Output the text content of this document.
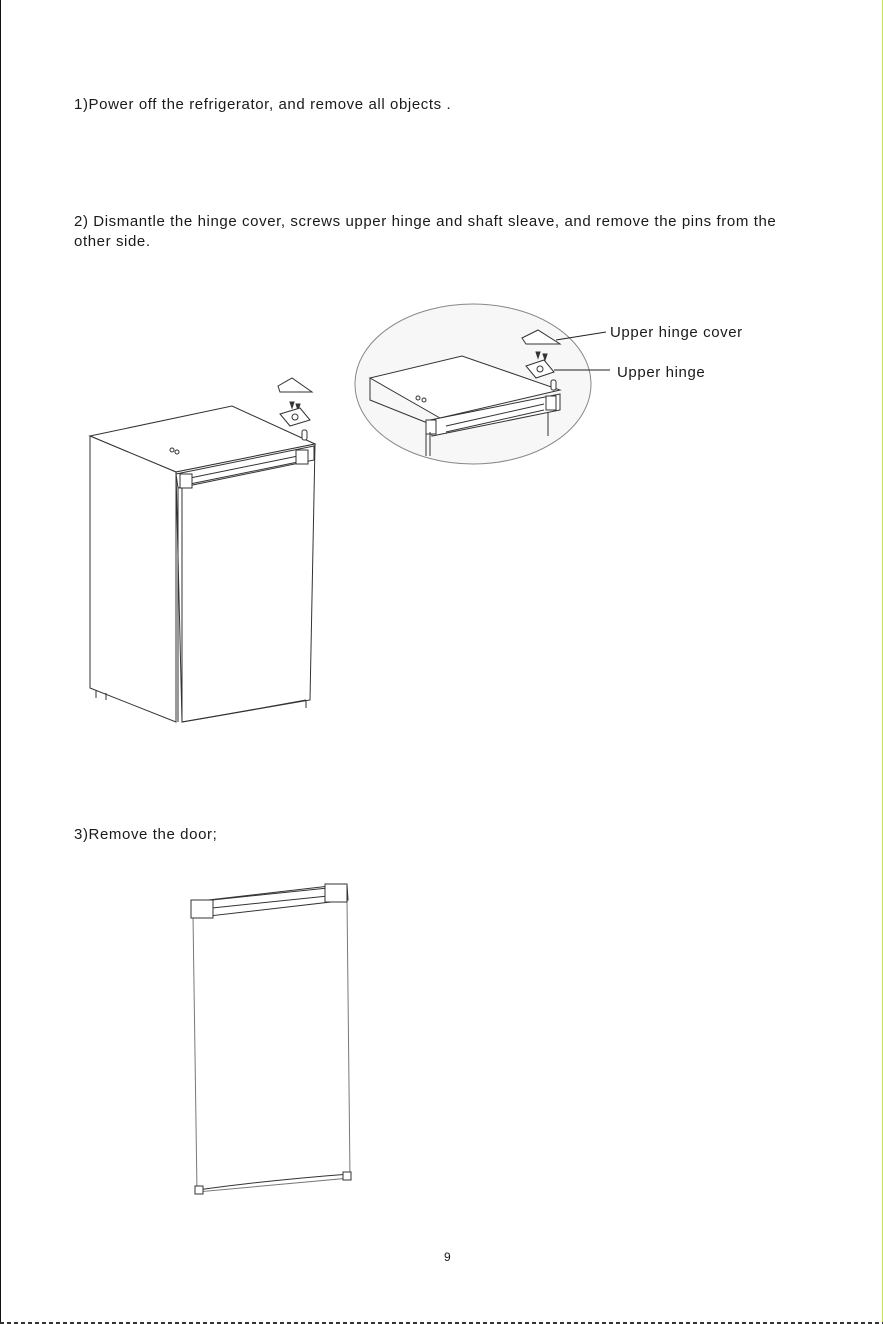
1)Power off the refrigerator, and remove all objects .

2) Dismantle the hinge cover, screws upper hinge and shaft sleave, and remove the pins from the other side.

3)Remove the door;

Upper hinge cover
Upper hinge
9
